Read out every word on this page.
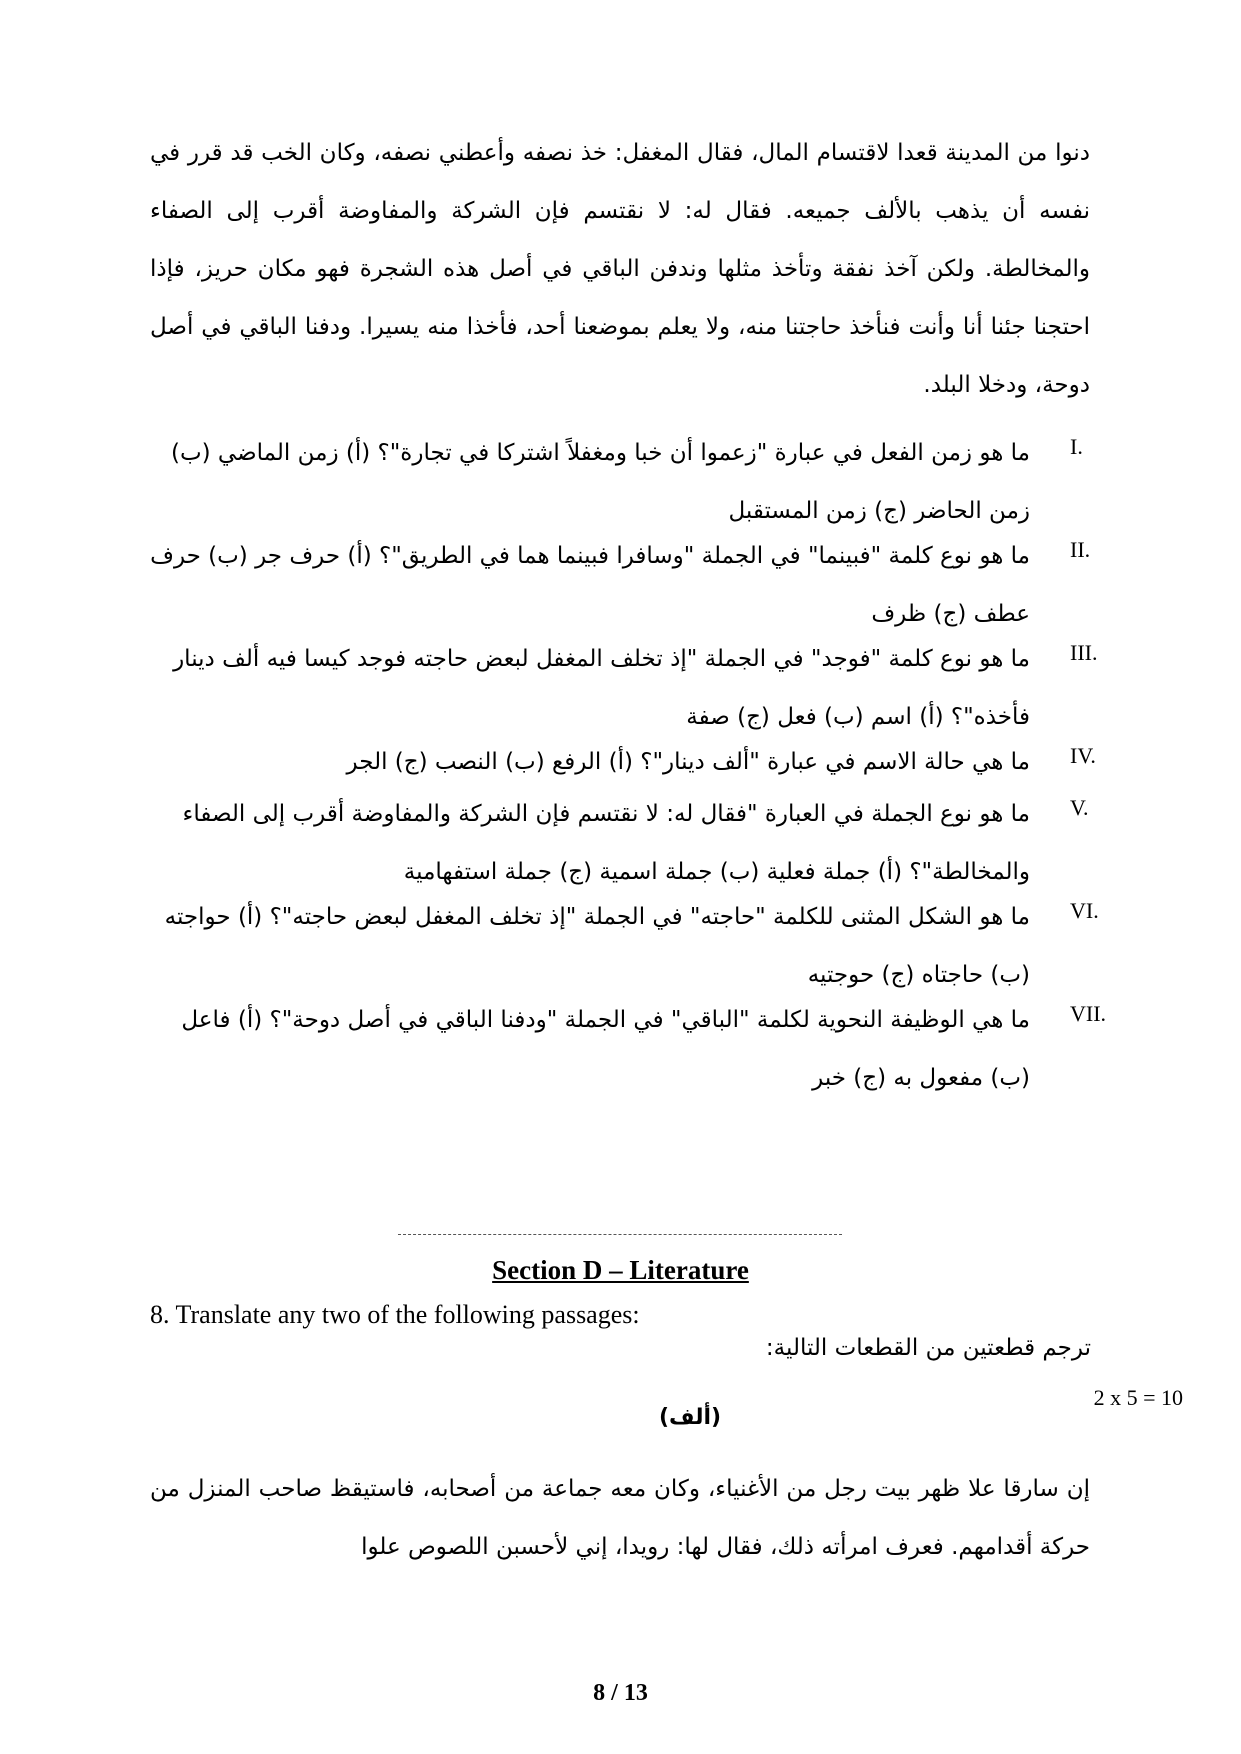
دنوا من المدينة قعدا لاقتسام المال، فقال المغفل: خذ نصفه وأعطني نصفه، وكان الخب قد قرر في نفسه أن يذهب بالألف جميعه. فقال له: لا نقتسم فإن الشركة والمفاوضة أقرب إلى الصفاء والمخالطة. ولكن آخذ نفقة وتأخذ مثلها وندفن الباقي في أصل هذه الشجرة فهو مكان حريز، فإذا احتجنا جئنا أنا وأنت فنأخذ حاجتنا منه، ولا يعلم بموضعنا أحد، فأخذا منه يسيرا. ودفنا الباقي في أصل دوحة، ودخلا البلد.

I.

ما هو زمن الفعل في عبارة "زعموا أن خبا ومغفلاً اشتركا في تجارة"؟ (أ) زمن الماضي (ب) زمن الحاضر (ج) زمن المستقبل

II.

ما هو نوع كلمة "فبينما" في الجملة "وسافرا فبينما هما في الطريق"؟ (أ) حرف جر (ب) حرف عطف (ج) ظرف

III.

ما هو نوع كلمة "فوجد" في الجملة "إذ تخلف المغفل لبعض حاجته فوجد كيسا فيه ألف دينار فأخذه"؟ (أ) اسم (ب) فعل (ج) صفة

IV.

ما هي حالة الاسم في عبارة "ألف دينار"؟ (أ) الرفع (ب) النصب (ج) الجر

V.

ما هو نوع الجملة في العبارة "فقال له: لا نقتسم فإن الشركة والمفاوضة أقرب إلى الصفاء والمخالطة"؟ (أ) جملة فعلية (ب) جملة اسمية (ج) جملة استفهامية

VI.

ما هو الشكل المثنى للكلمة "حاجته" في الجملة "إذ تخلف المغفل لبعض حاجته"؟ (أ) حواجته (ب) حاجتاه (ج) حوجتيه

VII.

ما هي الوظيفة النحوية لكلمة "الباقي" في الجملة "ودفنا الباقي في أصل دوحة"؟ (أ) فاعل (ب) مفعول به (ج) خبر

Section D – Literature
8. Translate any two of the following passages:
ترجم قطعتين من القطعات التالية:
2 x 5 = 10
(ألف)

إن سارقا علا ظهر بيت رجل من الأغنياء، وكان معه جماعة من أصحابه، فاستيقظ صاحب المنزل من حركة أقدامهم. فعرف امرأته ذلك، فقال لها: رويدا، إني لأحسبن اللصوص علوا

8 / 13
